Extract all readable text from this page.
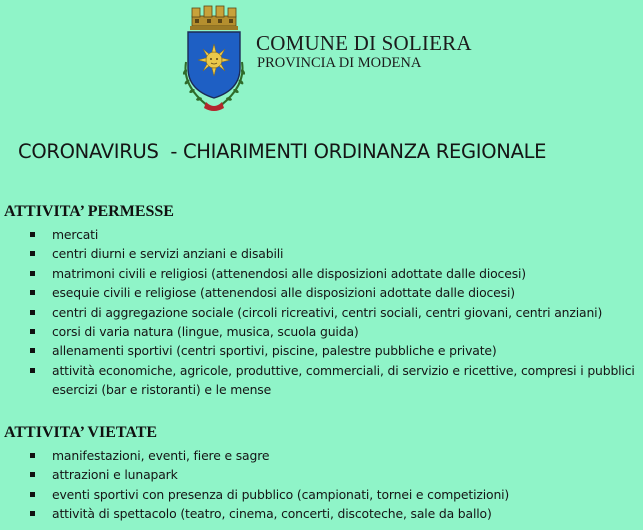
COMUNE DI SOLIERA
PROVINCIA DI MODENA
CORONAVIRUS  - CHIARIMENTI ORDINANZA REGIONALE
ATTIVITA’ PERMESSE
mercati
centri diurni e servizi anziani e disabili
matrimoni civili e religiosi (attenendosi alle disposizioni adottate dalle diocesi)
esequie civili e religiose (attenendosi alle disposizioni adottate dalle diocesi)
centri di aggregazione sociale (circoli ricreativi, centri sociali, centri giovani, centri anziani)
corsi di varia natura (lingue, musica, scuola guida)
allenamenti sportivi (centri sportivi, piscine, palestre pubbliche e private)
attività economiche, agricole, produttive, commerciali, di servizio e ricettive, compresi i pubblici esercizi (bar e ristoranti) e le mense
ATTIVITA’ VIETATE
manifestazioni, eventi, fiere e sagre
attrazioni e lunapark
eventi sportivi con presenza di pubblico (campionati, tornei e competizioni)
attività di spettacolo (teatro, cinema, concerti, discoteche, sale da ballo)
